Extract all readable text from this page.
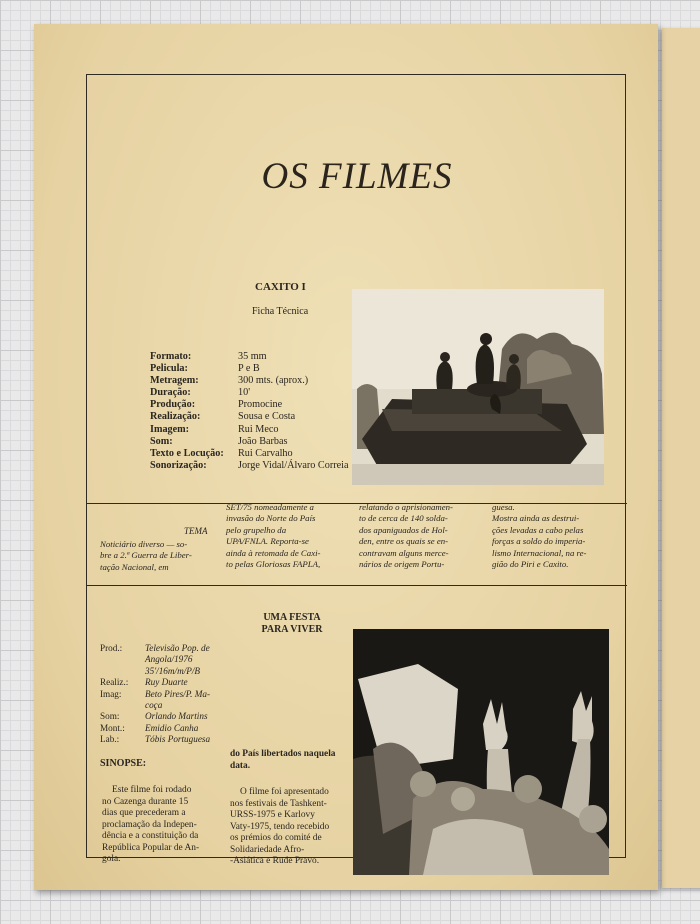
OS FILMES
CAXITO I
Ficha Técnica
Formato:	35 mm
Pelicula:	P e B
Metragem:	300 mts. (aprox.)
Duração:	10'
Produção:	Promocine
Realização:	Sousa e Costa
Imagem:	Rui Meco
Som:	João Barbas
Texto e Locução:	Rui Carvalho
Sonorização:	Jorge Vidal/Álvaro Correia
TEMA
Noticiário diverso — so-
bre a 2.ª Guerra de Liber-
tação Nacional, em
SET/75 nomeadamente a
invasão do Norte do País
pelo grupelho da
UPA/FNLA. Reporta-se
ainda à retomada de Caxi-
to pelas Gloriosas FAPLA,
relatando o aprisionamen-
to de cerca de 140 solda-
dos apaniguados de Hol-
den, entre os quais se en-
contravam alguns merce-
nários de origem Portu-
guesa.
Mostra ainda as destrui-
ções levadas a cabo pelas
forças a soldo do imperia-
lismo Internacional, na re-
gião do Piri e Caxito.
UMA FESTA
PARA VIVER
Prod.:	Televisão Pop. de
Angola/1976
35'/16m/m/P/B
Realiz.:	Ruy Duarte
Imag:	Beto Pires/P. Ma-
coça
Som:	Orlando Martins
Mont.:	Emidio Canha
Lab.:	Tóbis Portuguesa
SINOPSE:
Este filme foi rodado
no Cazenga durante 15
dias que precederam a
proclamação da Indepen-
dência e a constituição da
República Popular de An-
gola.
do País libertados naquela
data.
O filme foi apresentado
nos festivais de Tashkent-
URSS-1975 e Karlovy
Vaty-1975, tendo recebido
os prémios do comité de
Solidariedade Afro-
-Asiática e Rude Pravo.
